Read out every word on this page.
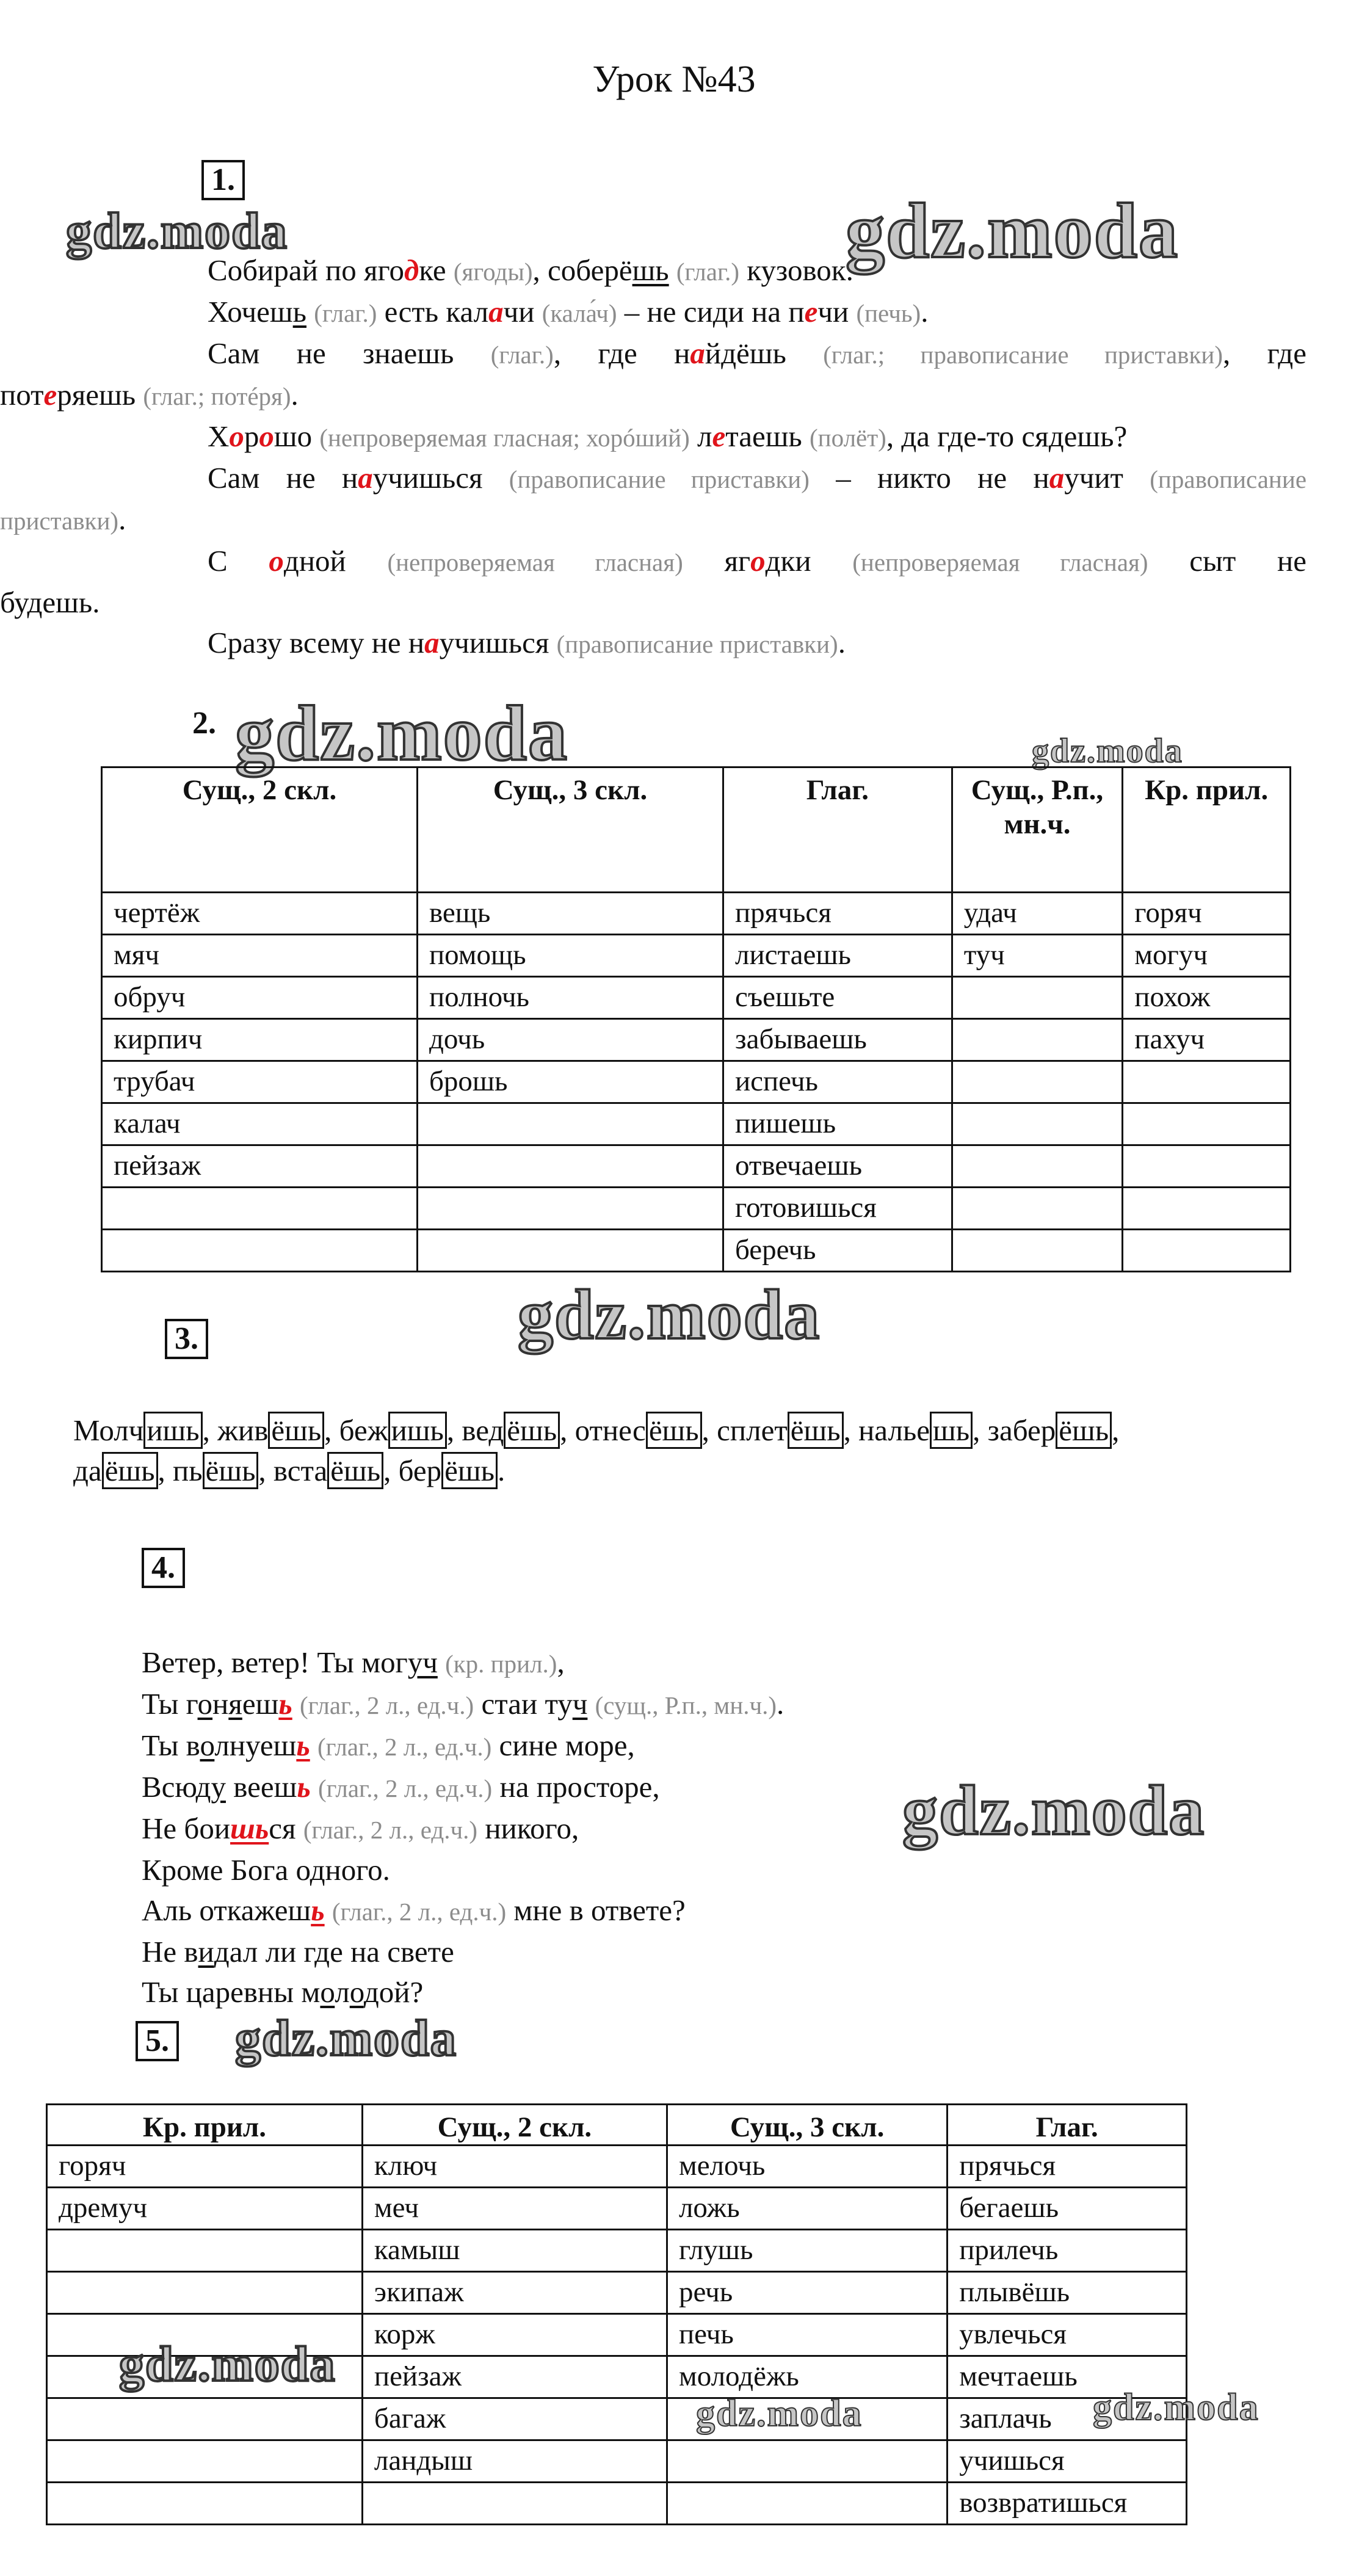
Урок №43
1.
gdz.moda	gdz.moda
Собирай по ягодке (ягоды), соберёшь (глаг.) кузовок.
Хочешь (глаг.) есть калачи (кала́ч) – не сиди на печи (печь).
Сам не знаешь (глаг.), где найдёшь (глаг.; правописание приставки), где
потеряешь (глаг.; потéря).
Хорошо (непроверяемая гласная; хорóший) летаешь (полёт), да где-то сядешь?
Сам не научишься (правописание приставки) – никто не научит (правописание
приставки).
С одной (непроверяемая гласная) ягодки (непроверяемая гласная) сыт не
будешь.
Сразу всему не научишься (правописание приставки).
2. gdz.moda	gdz.moda
Сущ., 2 скл.	Сущ., 3 скл.	Глаг.	Сущ., Р.п., мн.ч.	Кр. прил.
чертёж	вещь	прячься	удач	горяч
мяч	помощь	листаешь	туч	могуч
обруч	полночь	съешьте		похож
кирпич	дочь	забываешь		пахуч
трубач	брошь	испечь		
калач		пишешь		
пейзаж		отвечаешь		
		готовишься		
		беречь		
3.	gdz.moda
Молч ишь , жив ёшь , беж ишь , вед ёшь , отнес ёшь , сплет ёшь , налье шь , забер ёшь ,
да ёшь , пь ёшь , вста ёшь , бер ёшь .
4.
gdz.moda
Ветер, ветер! Ты могуч (кр. прил.),
Ты гоняешь (глаг., 2 л., ед.ч.) стаи туч (сущ., Р.п., мн.ч.).
Ты волнуешь (глаг., 2 л., ед.ч.) сине море,
Всюду веешь (глаг., 2 л., ед.ч.) на просторе,
Не боишься (глаг., 2 л., ед.ч.) никого,
Кроме Бога одного.
Аль откажешь (глаг., 2 л., ед.ч.) мне в ответе?
Не видал ли где на свете
Ты царевны молодой?
5. gdz.moda
Кр. прил.	Сущ., 2 скл.	Сущ., 3 скл.	Глаг.
горяч	ключ	мелочь	прячься
дремуч	меч	ложь	бегаешь
	камыш	глушь	прилечь
	экипаж	речь	плывёшь
	корж	печь	увлечься
	пейзаж	молодёжь	мечтаешь
	багаж		заплачь
	ландыш		учишься
			возвратишься
gdz.moda
gdz.moda	gdz.moda
